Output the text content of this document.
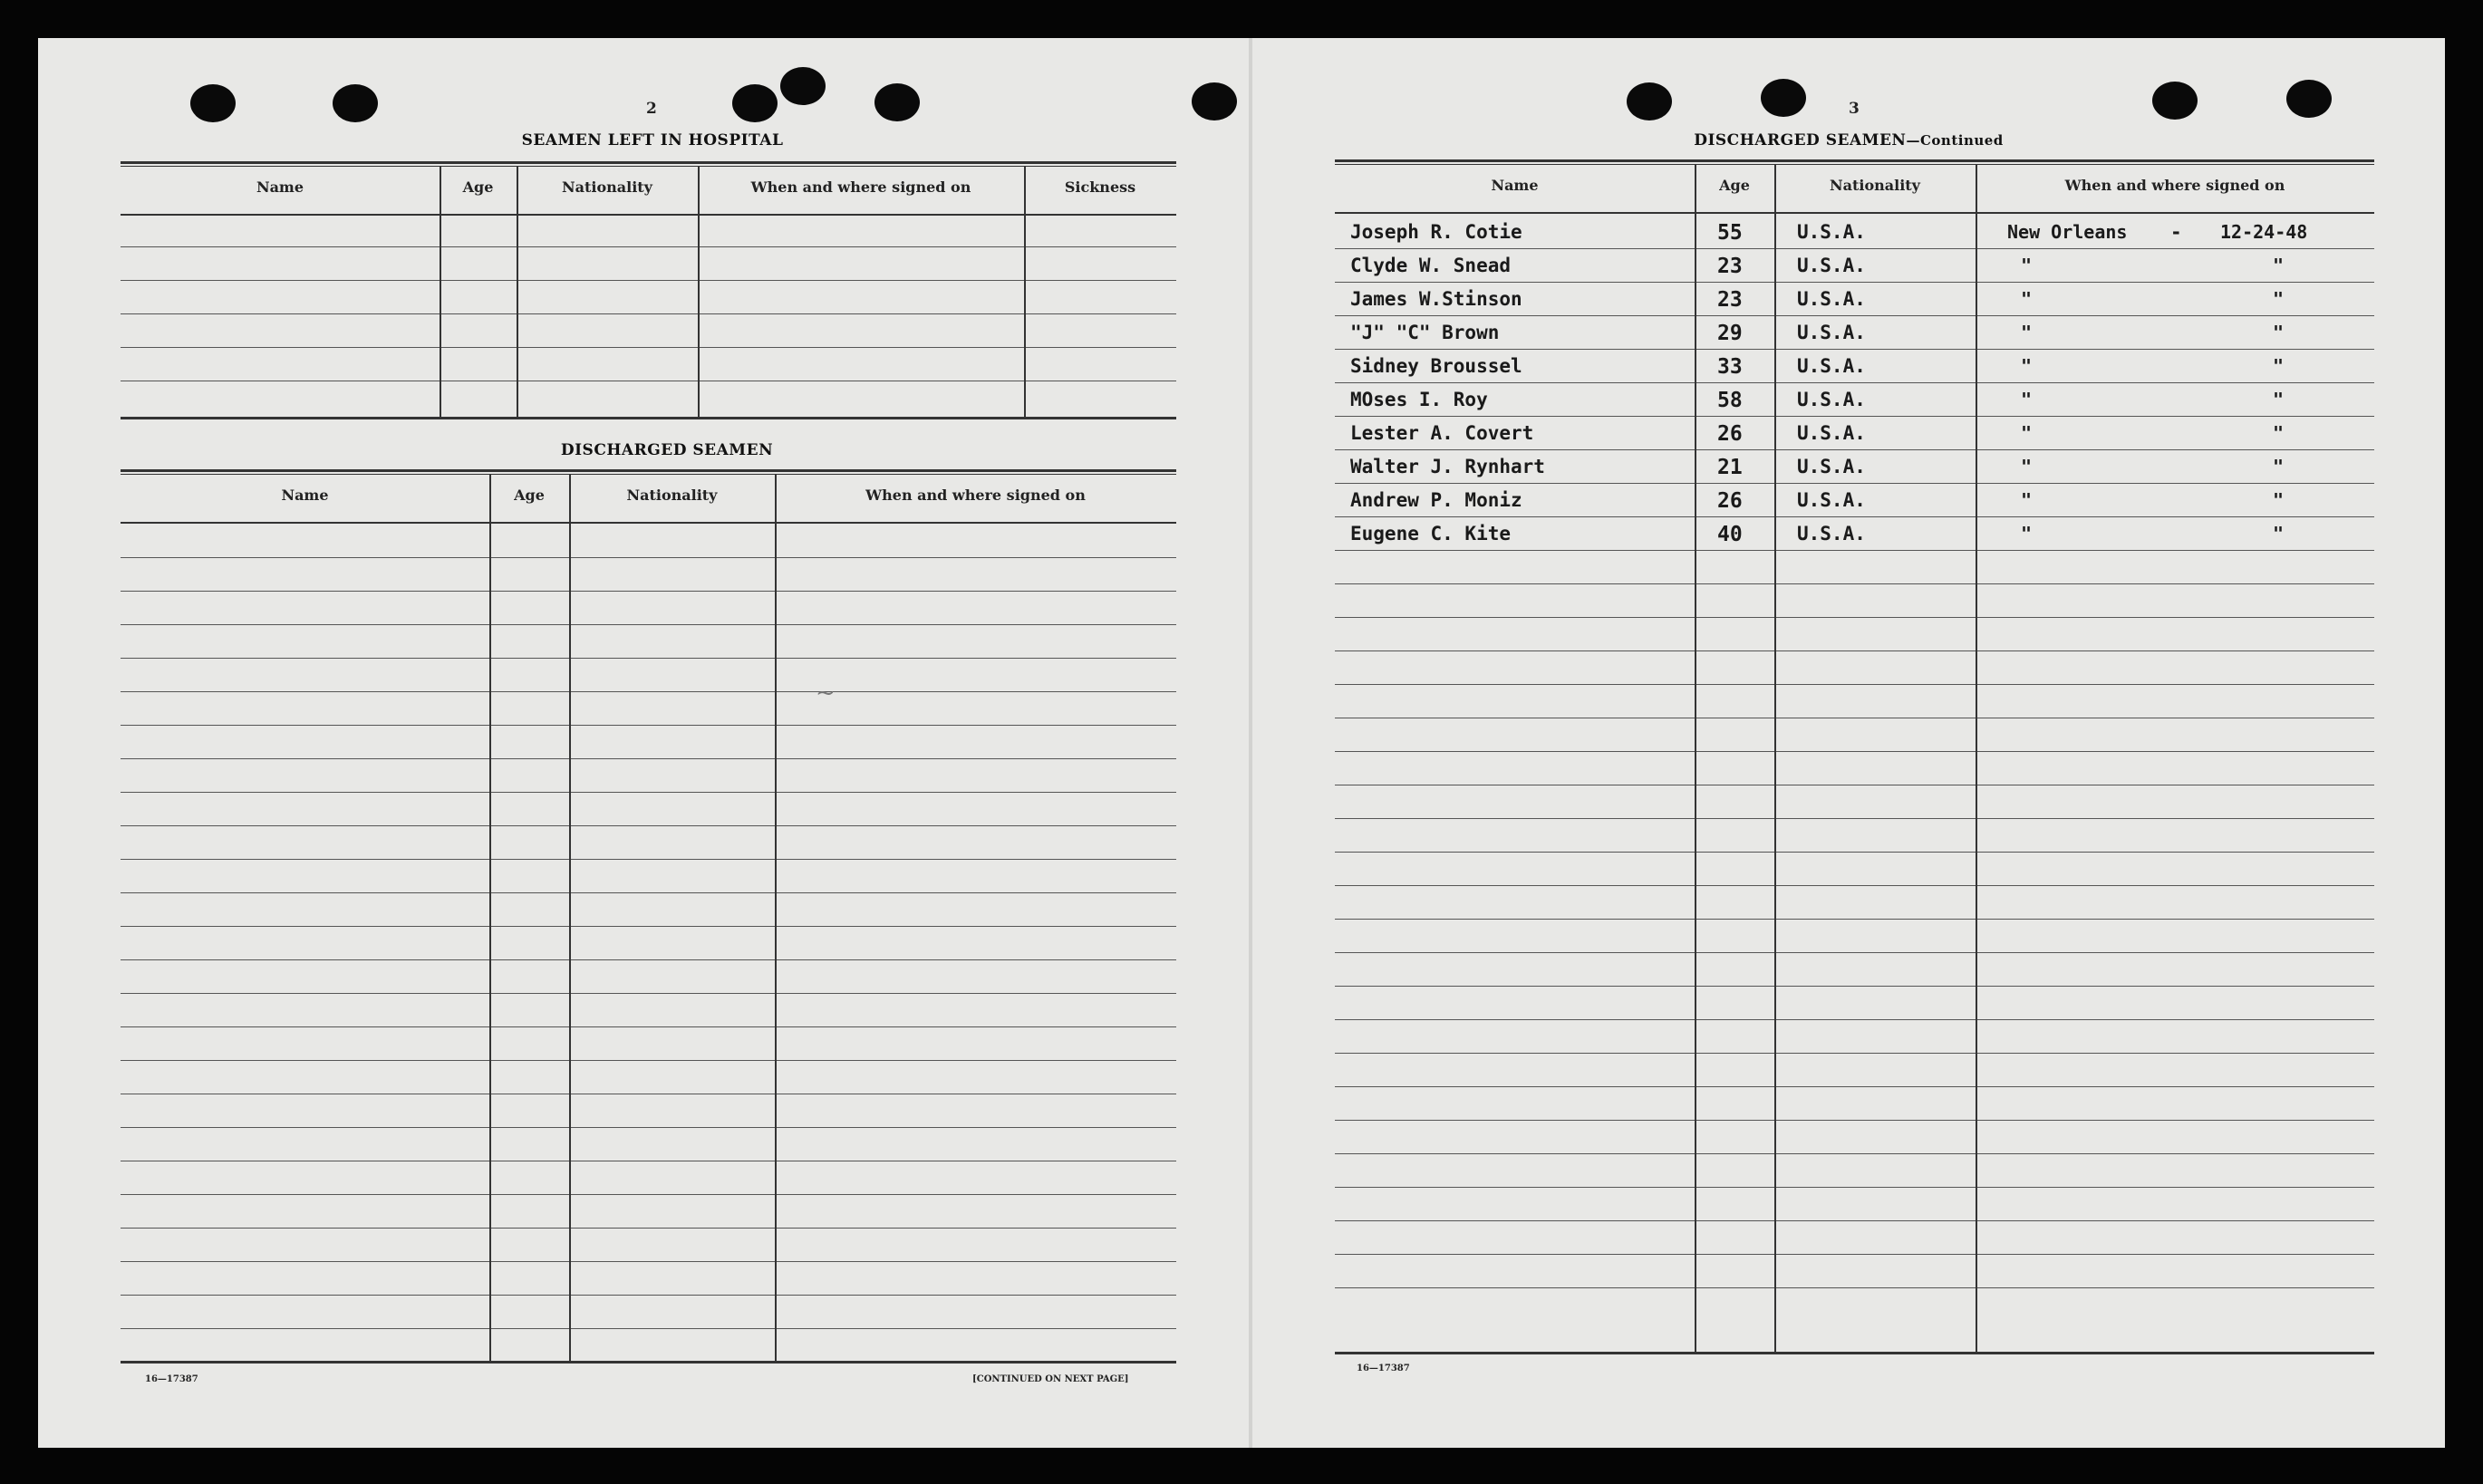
2
SEAMEN LEFT IN HOSPITAL
Name	Age	Nationality	When and where signed on	Sickness
DISCHARGED SEAMEN
Name	Age	Nationality	When and where signed on
16—17387	[CONTINUED ON NEXT PAGE]
3
DISCHARGED SEAMEN—Continued
Name	Age	Nationality	When and where signed on
Joseph R. Cotie	55	U.S.A.	New Orleans - 12-24-48
Clyde W. Snead	23	U.S.A.	"	"
James W.Stinson	23	U.S.A.	"	"
"J" "C" Brown	29	U.S.A.	"	"
Sidney Broussel	33	U.S.A.	"	"
MOses I. Roy	58	U.S.A.	"	"
Lester A. Covert	26	U.S.A.	"	"
Walter J. Rynhart	21	U.S.A.	"	"
Andrew P. Moniz	26	U.S.A.	"	"
Eugene C. Kite	40	U.S.A.	"	"
16—17387
~
